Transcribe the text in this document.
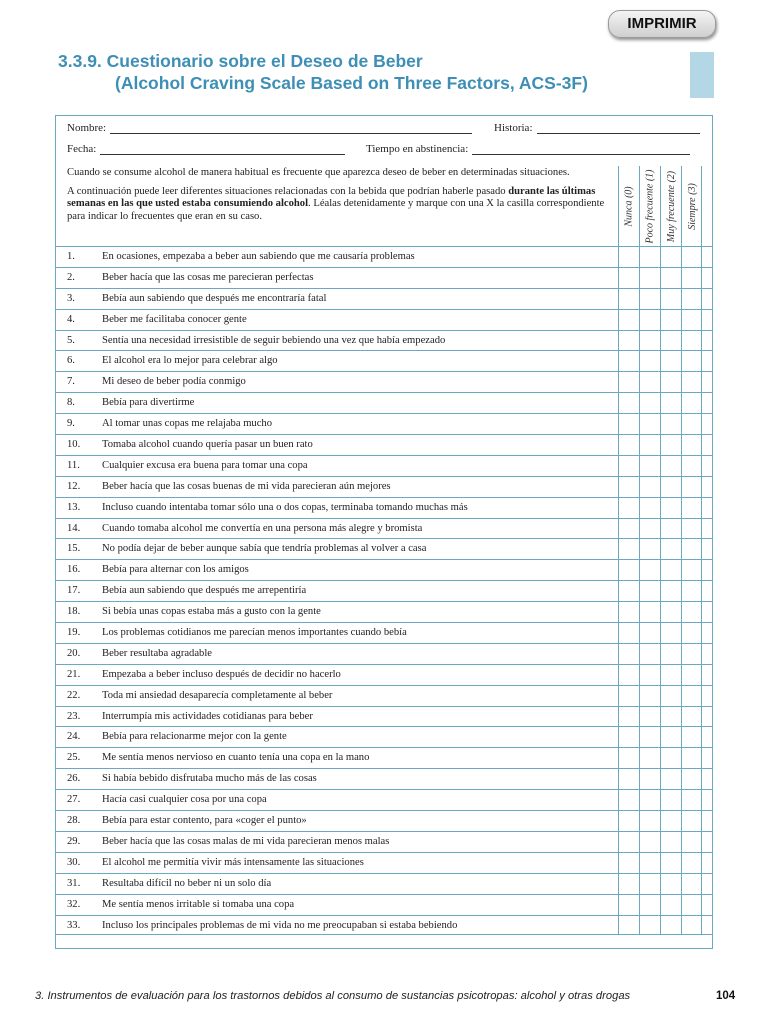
IMPRIMIR
3.3.9. Cuestionario sobre el Deseo de Beber
(Alcohol Craving Scale Based on Three Factors, ACS-3F)
Nombre:	Historia:
Fecha:	Tiempo en abstinencia:

Cuando se consume alcohol de manera habitual es frecuente que aparezca deseo de beber en determinadas situaciones.

A continuación puede leer diferentes situaciones relacionadas con la bebida que podrían haberle pasado durante las últimas semanas en las que usted estaba consumiendo alcohol. Léalas detenidamente y marque con una X la casilla correspondiente para indicar lo frecuentes que eran en su caso.	Nunca (0) Poco frecuente (1) Muy frecuente (2) Siempre (3)
1.	En ocasiones, empezaba a beber aun sabiendo que me causaría problemas
2.	Beber hacía que las cosas me parecieran perfectas
3.	Bebía aun sabiendo que después me encontraría fatal
4.	Beber me facilitaba conocer gente
5.	Sentía una necesidad irresistible de seguir bebiendo una vez que había empezado
6.	El alcohol era lo mejor para celebrar algo
7.	Mi deseo de beber podía conmigo
8.	Bebía para divertirme
9.	Al tomar unas copas me relajaba mucho
10.	Tomaba alcohol cuando quería pasar un buen rato
11.	Cualquier excusa era buena para tomar una copa
12.	Beber hacía que las cosas buenas de mi vida parecieran aún mejores
13.	Incluso cuando intentaba tomar sólo una o dos copas, terminaba tomando muchas más
14.	Cuando tomaba alcohol me convertía en una persona más alegre y bromista
15.	No podía dejar de beber aunque sabía que tendría problemas al volver a casa
16.	Bebía para alternar con los amigos
17.	Bebía aun sabiendo que después me arrepentiría
18.	Si bebía unas copas estaba más a gusto con la gente
19.	Los problemas cotidianos me parecían menos importantes cuando bebía
20.	Beber resultaba agradable
21.	Empezaba a beber incluso después de decidir no hacerlo
22.	Toda mi ansiedad desaparecía completamente al beber
23.	Interrumpía mis actividades cotidianas para beber
24.	Bebía para relacionarme mejor con la gente
25.	Me sentía menos nervioso en cuanto tenía una copa en la mano
26.	Si había bebido disfrutaba mucho más de las cosas
27.	Hacía casi cualquier cosa por una copa
28.	Bebía para estar contento, para «coger el punto»
29.	Beber hacía que las cosas malas de mi vida parecieran menos malas
30.	El alcohol me permitía vivir más intensamente las situaciones
31.	Resultaba difícil no beber ni un solo día
32.	Me sentía menos irritable si tomaba una copa
33.	Incluso los principales problemas de mi vida no me preocupaban si estaba bebiendo
3. Instrumentos de evaluación para los trastornos debidos al consumo de sustancias psicotropas: alcohol y otras drogas	104
